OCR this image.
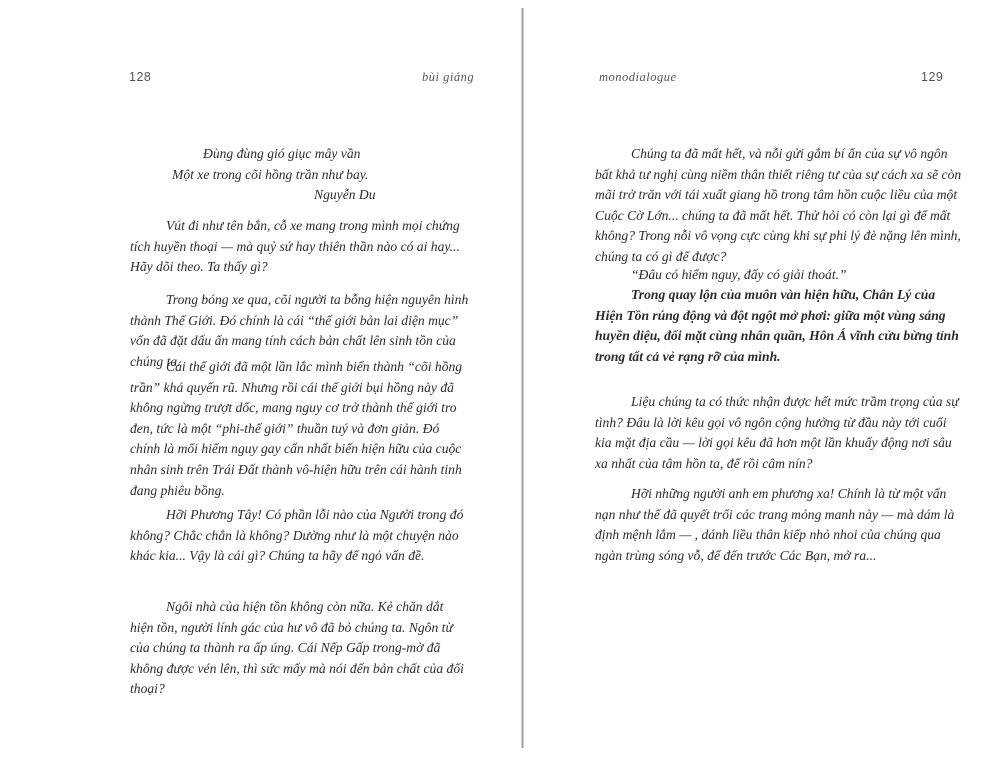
128	bùi giáng
Đùng đùng gió giục mây vần
Một xe trong cõi hồng trần như bay.
Nguyễn Du

Vút đi như tên bắn, cỗ xe mang trong mình mọi chứng tích huyền thoại — mà quỷ sứ hay thiên thần nào có ai hay... Hãy dõi theo. Ta thấy gì?

Trong bóng xe qua, cõi người ta bỗng hiện nguyên hình thành Thế Giới. Đó chính là cái “thế giới bản lai diện mục” vốn đã đặt dấu ấn mang tính cách bản chất lên sinh tồn của chúng ta.

Cái thế giới đã một lần lắc mình biến thành “cõi hồng trần” khá quyến rũ. Nhưng rồi cái thế giới bụi hồng này đã không ngừng trượt dốc, mang nguy cơ trở thành thế giới tro đen, tức là một “phi-thế giới” thuần tuý và đơn giản. Đó chính là mối hiểm nguy gay cấn nhất biến hiện hữu của cuộc nhân sinh trên Trái Đất thành vô-hiện hữu trên cái hành tinh đang phiêu bồng.

Hỡi Phương Tây! Có phần lỗi nào của Người trong đó không? Chắc chắn là không? Dường như là một chuyện nào khác kia... Vậy là cái gì? Chúng ta hãy để ngỏ vấn đề.

Ngôi nhà của hiện tồn không còn nữa. Kẻ chăn dắt hiện tồn, người lính gác của hư vô đã bỏ chúng ta. Ngôn từ của chúng ta thành ra ấp úng. Cái Nếp Gấp trong-mờ đã không được vén lên, thì sức mấy mà nói đến bản chất của đối thoại?

monodialogue	129

Chúng ta đã mất hết, và nỗi gửi gắm bí ẩn của sự vô ngôn bất khả tư nghị cùng niềm thân thiết riêng tư của sự cách xa sẽ còn mãi trở trăn với tái xuất giang hồ trong tâm hồn cuộc liều của một Cuộc Cờ Lớn... chúng ta đã mất hết. Thử hỏi có còn lại gì để mất không? Trong nỗi vô vọng cực cùng khi sự phi lý đè nặng lên mình, chúng ta có gì để được?

“Đâu có hiểm nguy, đấy có giải thoát.”

Trong quay lộn của muôn vàn hiện hữu, Chân Lý của Hiện Tồn rúng động và đột ngột mở phơi: giữa một vùng sáng huyền diệu, đối mặt cùng nhân quần, Hôn Á vĩnh cửu bừng tỉnh trong tất cả vẻ rạng rỡ của mình.

Liệu chúng ta có thức nhận được hết mức trầm trọng của sự tình? Đâu là lời kêu gọi vô ngôn cộng hưởng từ đầu này tới cuối kia mặt địa cầu — lời gọi kêu đã hơn một lần khuấy động nơi sâu xa nhất của tâm hồn ta, để rồi câm nín?

Hỡi những người anh em phương xa! Chính là từ một vấn nạn như thế đã quyết trổi các trang mỏng manh này — mà dám là định mệnh lắm — , dánh liều thân kiếp nhỏ nhoi của chúng qua ngàn trùng sóng vỗ, để đến trước Các Bạn, mở ra...
